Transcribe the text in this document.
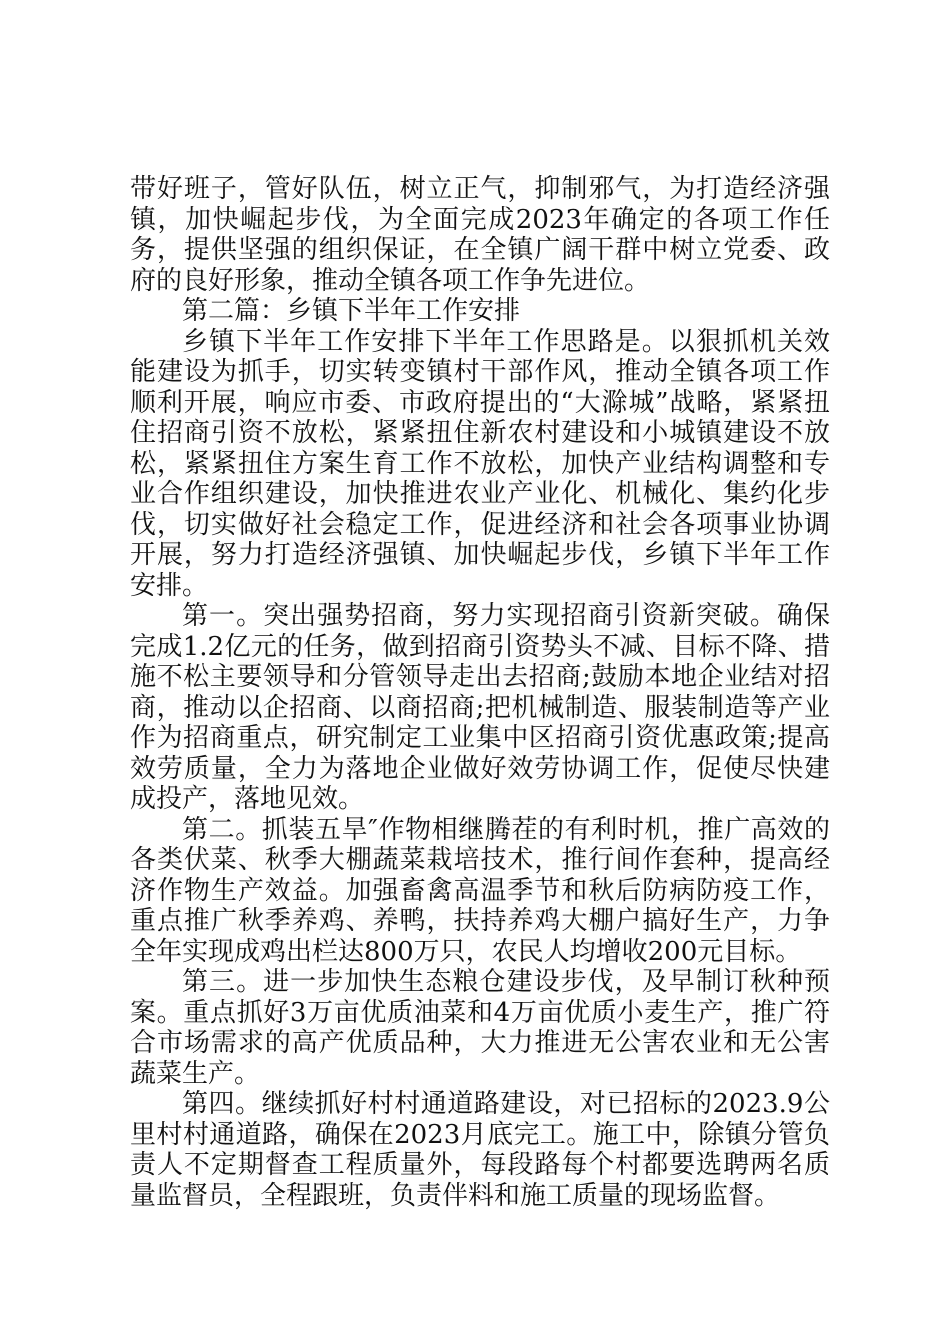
带好班子，管好队伍，树立正气，抑制邪气，为打造经济强镇，加快崛起步伐，为全面完成2023年确定的各项工作任务，提供坚强的组织保证，在全镇广阔干群中树立党委、政府的良好形象，推动全镇各项工作争先进位。

第二篇：乡镇下半年工作安排

乡镇下半年工作安排下半年工作思路是。以狠抓机关效能建设为抓手，切实转变镇村干部作风，推动全镇各项工作顺利开展，响应市委、市政府提出的“大滁城”战略，紧紧扭住招商引资不放松，紧紧扭住新农村建设和小城镇建设不放松，紧紧扭住方案生育工作不放松，加快产业结构调整和专业合作组织建设，加快推进农业产业化、机械化、集约化步伐，切实做好社会稳定工作，促进经济和社会各项事业协调开展，努力打造经济强镇、加快崛起步伐，乡镇下半年工作安排。

第一。突出强势招商，努力实现招商引资新突破。确保完成1.2亿元的任务，做到招商引资势头不减、目标不降、措施不松主要领导和分管领导走出去招商;鼓励本地企业结对招商，推动以企招商、以商招商;把机械制造、服装制造等产业作为招商重点，研究制定工业集中区招商引资优惠政策;提高效劳质量，全力为落地企业做好效劳协调工作，促使尽快建成投产，落地见效。

第二。抓装五旱″作物相继腾茬的有利时机，推广高效的各类伏菜、秋季大棚蔬菜栽培技术，推行间作套种，提高经济作物生产效益。加强畜禽高温季节和秋后防病防疫工作，重点推广秋季养鸡、养鸭，扶持养鸡大棚户搞好生产，力争全年实现成鸡出栏达800万只，农民人均增收200元目标。

第三。进一步加快生态粮仓建设步伐，及早制订秋种预案。重点抓好3万亩优质油菜和4万亩优质小麦生产，推广符合市场需求的高产优质品种，大力推进无公害农业和无公害蔬菜生产。

第四。继续抓好村村通道路建设，对已招标的2023.9公里村村通道路，确保在2023月底完工。施工中，除镇分管负责人不定期督查工程质量外，每段路每个村都要选聘两名质量监督员，全程跟班，负责伴料和施工质量的现场监督。
